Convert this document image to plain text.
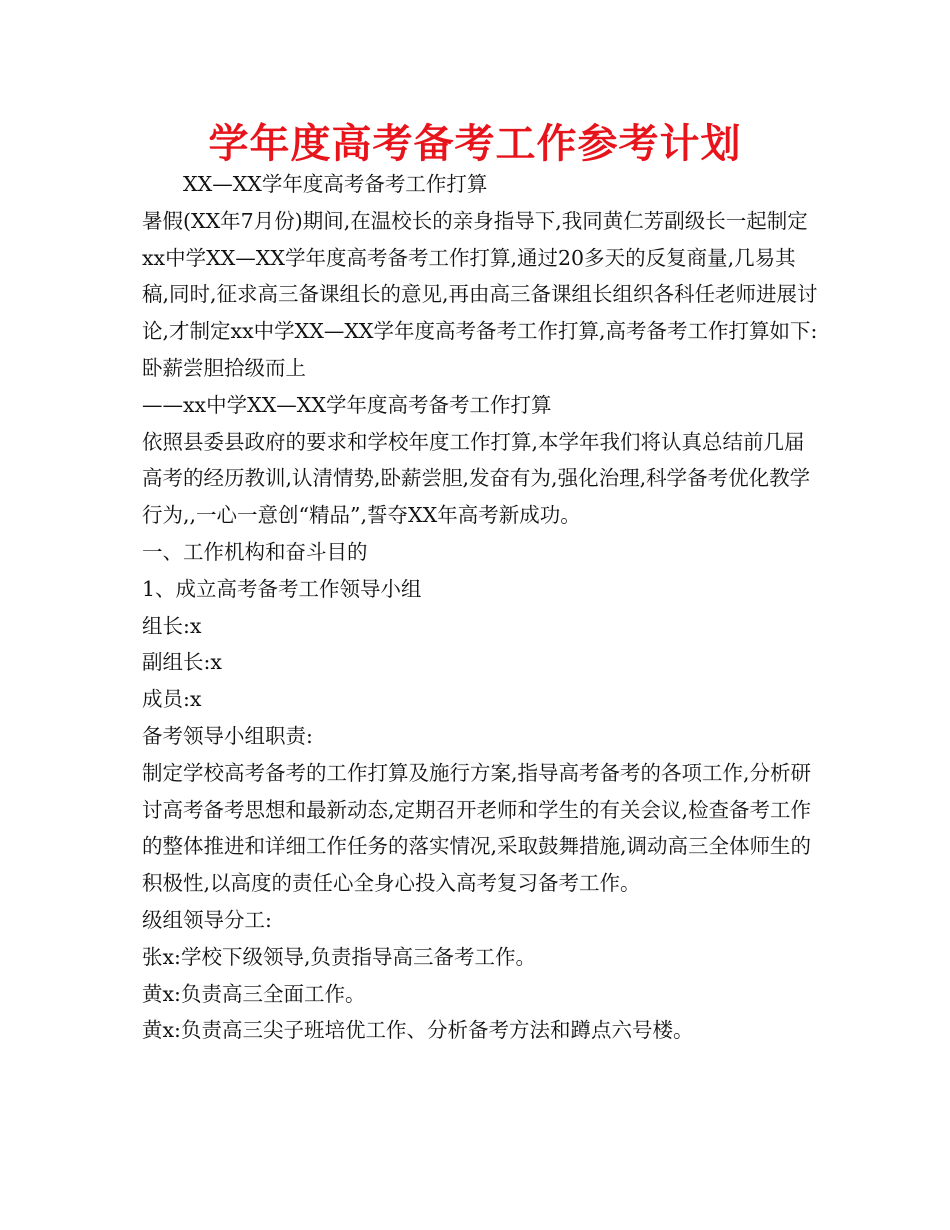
学年度高考备考工作参考计划

XX—XX学年度高考备考工作打算

暑假(XX年7月份)期间,在温校长的亲身指导下,我同黄仁芳副级长一起制定xx中学XX—XX学年度高考备考工作打算,通过20多天的反复商量,几易其稿,同时,征求高三备课组长的意见,再由高三备课组长组织各科任老师进展讨论,才制定xx中学XX—XX学年度高考备考工作打算,高考备考工作打算如下:

卧薪尝胆拾级而上

——xx中学XX—XX学年度高考备考工作打算

依照县委县政府的要求和学校年度工作打算,本学年我们将认真总结前几届高考的经历教训,认清情势,卧薪尝胆,发奋有为,强化治理,科学备考优化教学行为,,一心一意创“精品”,誓夺XX年高考新成功。

一、工作机构和奋斗目的

1、成立高考备考工作领导小组

组长:x

副组长:x

成员:x

备考领导小组职责:

制定学校高考备考的工作打算及施行方案,指导高考备考的各项工作,分析研讨高考备考思想和最新动态,定期召开老师和学生的有关会议,检查备考工作的整体推进和详细工作任务的落实情况,采取鼓舞措施,调动高三全体师生的积极性,以高度的责任心全身心投入高考复习备考工作。

级组领导分工:

张x:学校下级领导,负责指导高三备考工作。

黄x:负责高三全面工作。

黄x:负责高三尖子班培优工作、分析备考方法和蹲点六号楼。
